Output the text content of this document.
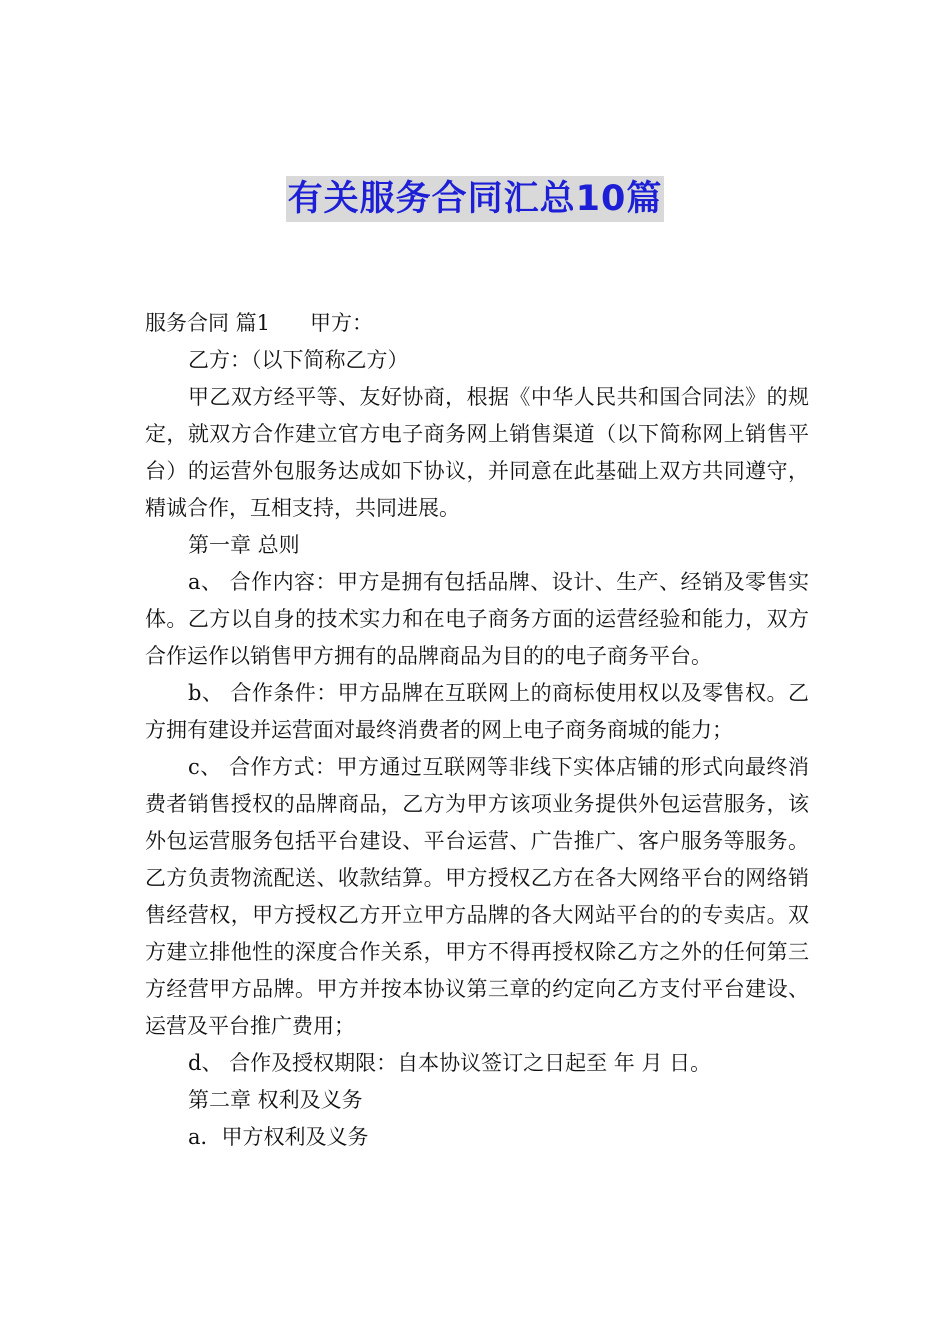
有关服务合同汇总10篇

服务合同 篇1 甲方：

乙方：（以下简称乙方）

甲乙双方经平等、友好协商，根据《中华人民共和国合同法》的规定，就双方合作建立官方电子商务网上销售渠道（以下简称网上销售平台）的运营外包服务达成如下协议，并同意在此基础上双方共同遵守，精诚合作，互相支持，共同进展。

第一章 总则

a、 合作内容：甲方是拥有包括品牌、设计、生产、经销及零售实体。乙方以自身的技术实力和在电子商务方面的运营经验和能力，双方合作运作以销售甲方拥有的品牌商品为目的的电子商务平台。

b、 合作条件：甲方品牌在互联网上的商标使用权以及零售权。乙方拥有建设并运营面对最终消费者的网上电子商务商城的能力；

c、 合作方式：甲方通过互联网等非线下实体店铺的形式向最终消费者销售授权的品牌商品，乙方为甲方该项业务提供外包运营服务，该外包运营服务包括平台建设、平台运营、广告推广、客户服务等服务。乙方负责物流配送、收款结算。甲方授权乙方在各大网络平台的网络销售经营权，甲方授权乙方开立甲方品牌的各大网站平台的的专卖店。双方建立排他性的深度合作关系，甲方不得再授权除乙方之外的任何第三方经营甲方品牌。甲方并按本协议第三章的约定向乙方支付平台建设、运营及平台推广费用；

d、 合作及授权期限：自本协议签订之日起至 年 月 日。

第二章 权利及义务

a．甲方权利及义务
